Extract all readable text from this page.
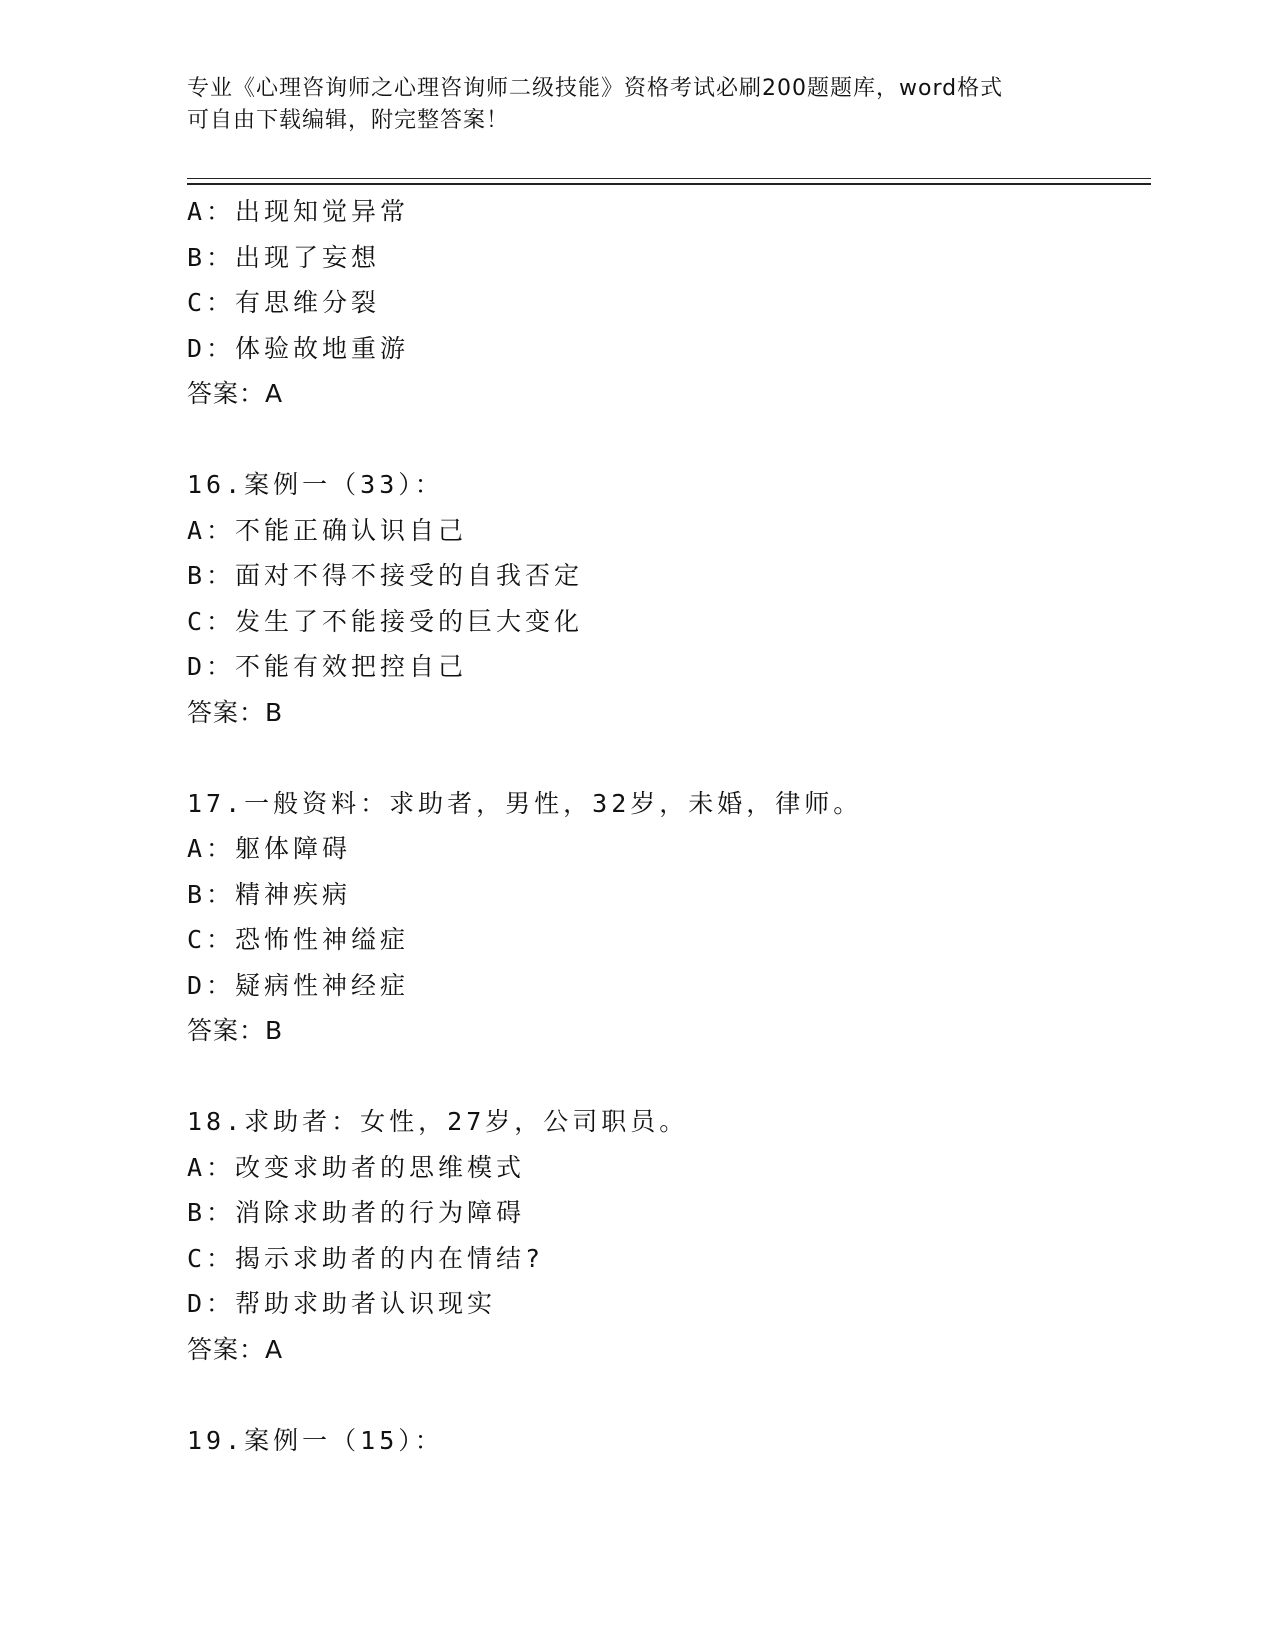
专业《心理咨询师之心理咨询师二级技能》资格考试必刷200题题库，word格式
可自由下载编辑，附完整答案！
A：出现知觉异常
B：出现了妄想
C：有思维分裂
D：体验故地重游
答案：A
16.案例一（33）：
A：不能正确认识自己
B：面对不得不接受的自我否定
C：发生了不能接受的巨大变化
D：不能有效把控自己
答案：B
17.一般资料：求助者，男性，32岁，未婚，律师。
A：躯体障碍
B：精神疾病
C：恐怖性神缢症
D：疑病性神经症
答案：B
18.求助者：女性，27岁，公司职员。
A：改变求助者的思维模式
B：消除求助者的行为障碍
C：揭示求助者的内在情结?
D：帮助求助者认识现实
答案：A
19.案例一（15）：
